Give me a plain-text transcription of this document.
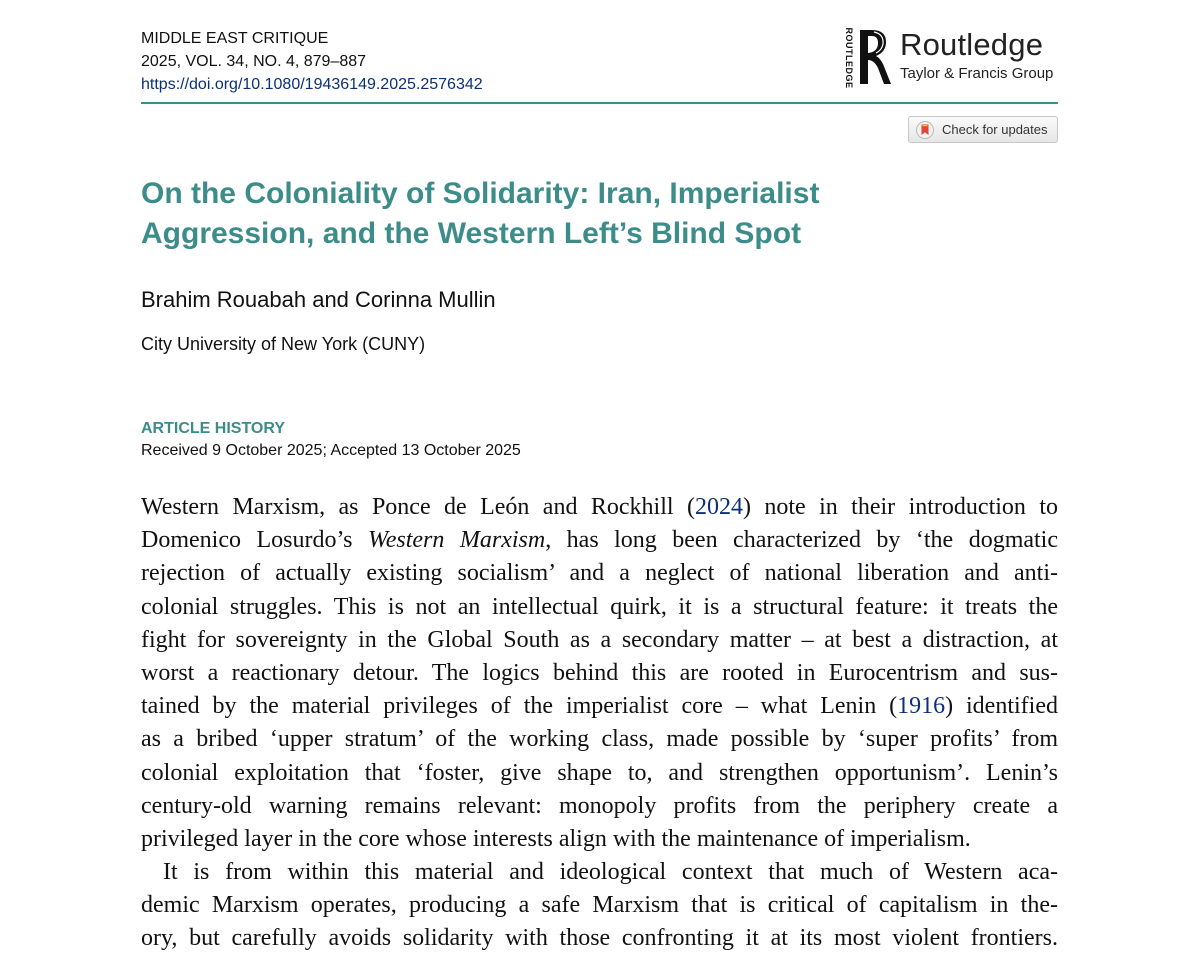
MIDDLE EAST CRITIQUE
2025, VOL. 34, NO. 4, 879–887
https://doi.org/10.1080/19436149.2025.2576342	ROUTLEDGE Routledge
Taylor & Francis Group
Check for updates
On the Coloniality of Solidarity: Iran, Imperialist
Aggression, and the Western Left’s Blind Spot
Brahim Rouabah and Corinna Mullin
City University of New York (CUNY)
ARTICLE HISTORY
Received 9 October 2025; Accepted 13 October 2025
Western Marxism, as Ponce de León and Rockhill (2024) note in their introduction to
Domenico Losurdo’s Western Marxism, has long been characterized by ‘the dogmatic
rejection of actually existing socialism’ and a neglect of national liberation and anti-
colonial struggles. This is not an intellectual quirk, it is a structural feature: it treats the
fight for sovereignty in the Global South as a secondary matter – at best a distraction, at
worst a reactionary detour. The logics behind this are rooted in Eurocentrism and sus-
tained by the material privileges of the imperialist core – what Lenin (1916) identified
as a bribed ‘upper stratum’ of the working class, made possible by ‘super profits’ from
colonial exploitation that ‘foster, give shape to, and strengthen opportunism’. Lenin’s
century-old warning remains relevant: monopoly profits from the periphery create a
privileged layer in the core whose interests align with the maintenance of imperialism.
It is from within this material and ideological context that much of Western aca-
demic Marxism operates, producing a safe Marxism that is critical of capitalism in the-
ory, but carefully avoids solidarity with those confronting it at its most violent frontiers.
